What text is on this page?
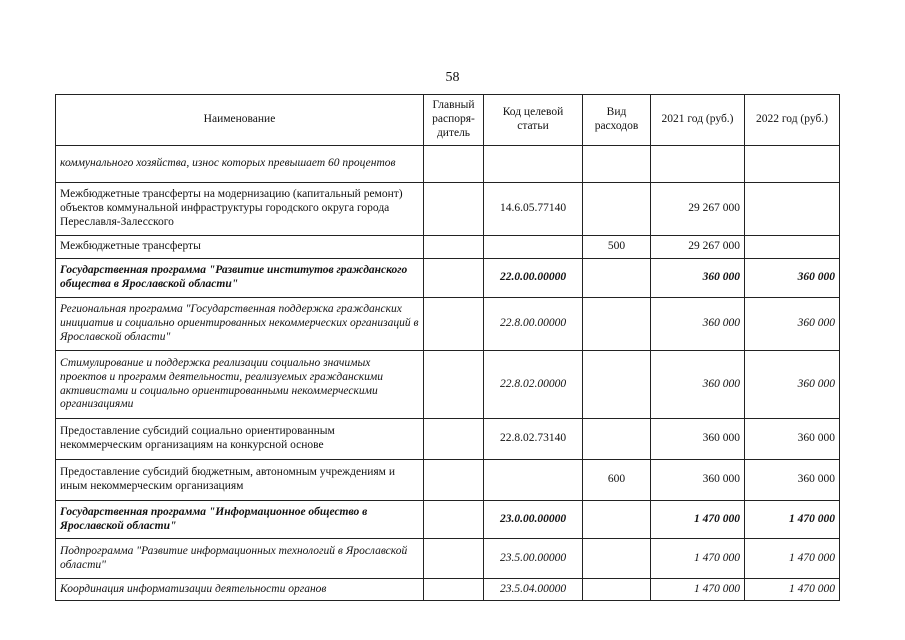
58
Наименование	Главный распоря-дитель	Код целевой статьи	Вид расходов	2021 год (руб.)	2022 год (руб.)
коммунального хозяйства, износ которых превышает 60 процентов					
Межбюджетные трансферты на модернизацию (капитальный ремонт) объектов коммунальной инфраструктуры городского округа города Переславля-Залесского		14.6.05.77140		29 267 000	
Межбюджетные трансферты			500	29 267 000	
Государственная программа "Развитие институтов гражданского общества в Ярославской области"		22.0.00.00000		360 000	360 000
Региональная программа "Государственная поддержка гражданских инициатив и социально ориентированных некоммерческих организаций в Ярославской области"		22.8.00.00000		360 000	360 000
Стимулирование и поддержка реализации социально значимых проектов и программ деятельности, реализуемых гражданскими активистами и социально ориентированными некоммерческими организациями		22.8.02.00000		360 000	360 000
Предоставление субсидий социально ориентированным некоммерческим организациям на конкурсной основе		22.8.02.73140		360 000	360 000
Предоставление субсидий бюджетным, автономным учреждениям и иным некоммерческим организациям			600	360 000	360 000
Государственная программа "Информационное общество в Ярославской области"		23.0.00.00000		1 470 000	1 470 000
Подпрограмма "Развитие информационных технологий в Ярославской области"		23.5.00.00000		1 470 000	1 470 000
Координация информатизации деятельности органов		23.5.04.00000		1 470 000	1 470 000
